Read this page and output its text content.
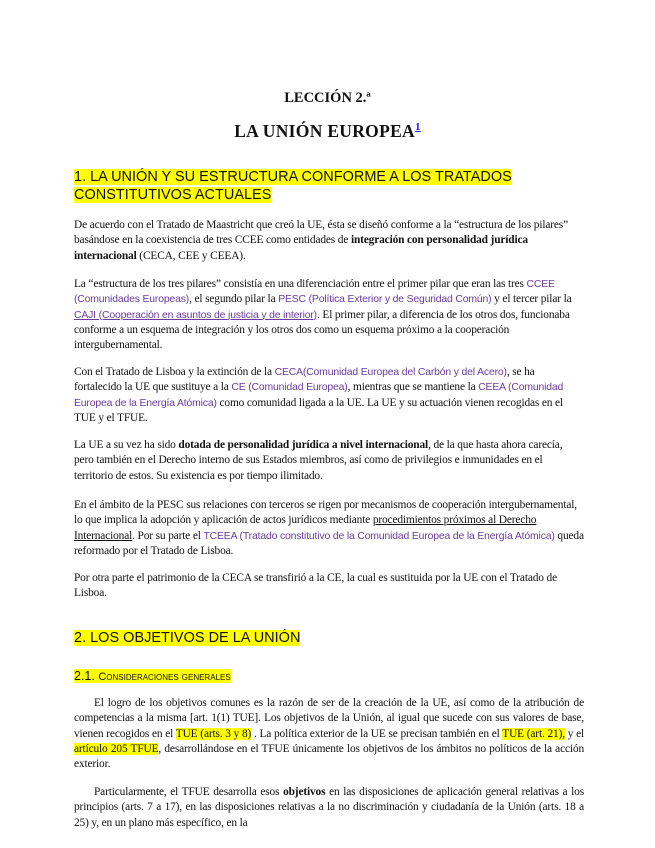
LECCIÓN 2.ª
LA UNIÓN EUROPEA$^1$
1. LA UNIÓN Y SU ESTRUCTURA CONFORME A LOS TRATADOS
CONSTITUTIVOS ACTUALES
De acuerdo con el Tratado de Maastricht que creó la UE, ésta se diseñó conforme a la “estructura de los pilares” basándose en la coexistencia de tres CCEE como entidades de integración con personalidad jurídica internacional (CECA, CEE y CEEA).
La “estructura de los tres pilares” consistía en una diferenciación entre el primer pilar que eran las tres CCEE (Comunidades Europeas), el segundo pilar la PESC (Política Exterior y de Seguridad Común) y el tercer pilar la CAJI (Cooperación en asuntos de justicia y de interior). El primer pilar, a diferencia de los otros dos, funcionaba conforme a un esquema de integración y los otros dos como un esquema próximo a la cooperación intergubernamental.
Con el Tratado de Lisboa y la extinción de la CECA(Comunidad Europea del Carbón y del Acero), se ha fortalecido la UE que sustituye a la CE (Comunidad Europea), mientras que se mantiene la CEEA (Comunidad Europea de la Energía Atómica) como comunidad ligada a la UE. La UE y su actuación vienen recogidas en el TUE y el TFUE.
La UE a su vez ha sido dotada de personalidad jurídica a nivel internacional, de la que hasta ahora carecía, pero también en el Derecho interno de sus Estados miembros, así como de privilegios e inmunidades en el territorio de estos. Su existencia es por tiempo ilimitado.
En el ámbito de la PESC sus relaciones con terceros se rigen por mecanismos de cooperación intergubernamental, lo que implica la adopción y aplicación de actos jurídicos mediante procedimientos próximos al Derecho Internacional. Por su parte el TCEEA (Tratado constitutivo de la Comunidad Europea de la Energía Atómica) queda reformado por el Tratado de Lisboa.
Por otra parte el patrimonio de la CECA se transfirió a la CE, la cual es sustituida por la UE con el Tratado de Lisboa.
2. LOS OBJETIVOS DE LA UNIÓN
2.1. Consideraciones generales
El logro de los objetivos comunes es la razón de ser de la creación de la UE, así como de la atribución de competencias a la misma [art. 1(1) TUE]. Los objetivos de la Unión, al igual que sucede con sus valores de base, vienen recogidos en el TUE (arts. 3 y 8) . La política exterior de la UE se precisan también en el TUE (art. 21), y el artículo 205 TFUE, desarrollándose en el TFUE únicamente los objetivos de los ámbitos no políticos de la acción exterior.
Particularmente, el TFUE desarrolla esos objetivos en las disposiciones de aplicación general relativas a los principios (arts. 7 a 17), en las disposiciones relativas a la no discriminación y ciudadanía de la Unión (arts. 18 a 25) y, en un plano más específico, en la
